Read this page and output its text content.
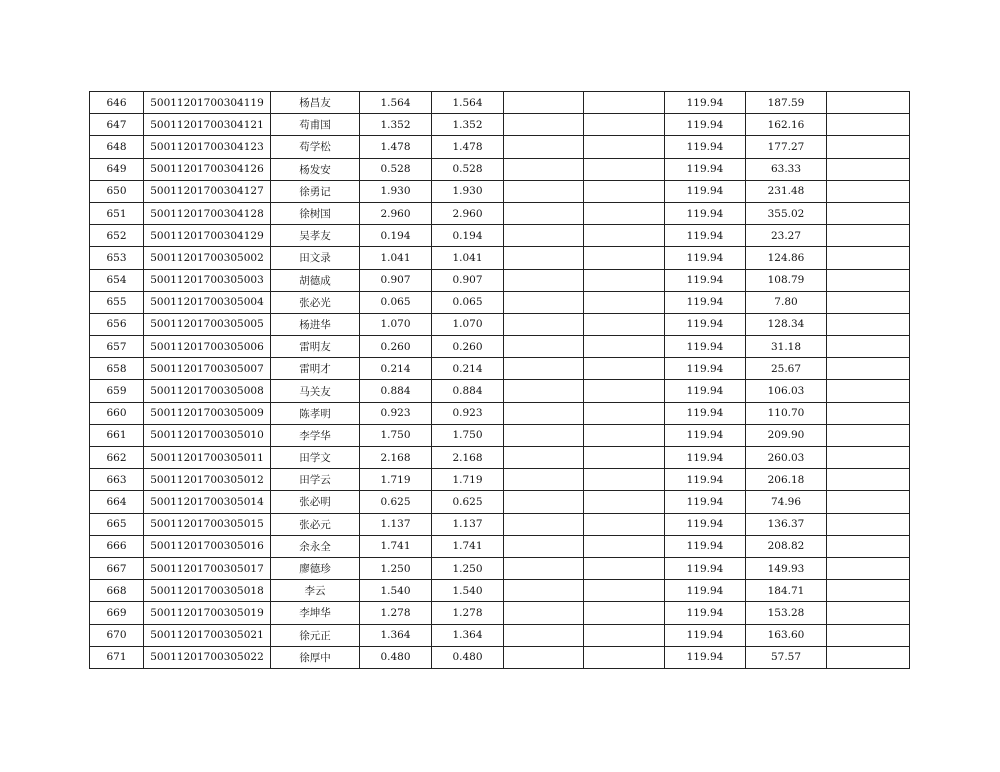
646	50011201700304119	杨昌友	1.564	1.564			119.94	187.59	
647	50011201700304121	苟甫国	1.352	1.352			119.94	162.16	
648	50011201700304123	苟学松	1.478	1.478			119.94	177.27	
649	50011201700304126	杨发安	0.528	0.528			119.94	63.33	
650	50011201700304127	徐勇记	1.930	1.930			119.94	231.48	
651	50011201700304128	徐树国	2.960	2.960			119.94	355.02	
652	50011201700304129	吴孝友	0.194	0.194			119.94	23.27	
653	50011201700305002	田文录	1.041	1.041			119.94	124.86	
654	50011201700305003	胡德成	0.907	0.907			119.94	108.79	
655	50011201700305004	张必光	0.065	0.065			119.94	7.80	
656	50011201700305005	杨进华	1.070	1.070			119.94	128.34	
657	50011201700305006	雷明友	0.260	0.260			119.94	31.18	
658	50011201700305007	雷明才	0.214	0.214			119.94	25.67	
659	50011201700305008	马关友	0.884	0.884			119.94	106.03	
660	50011201700305009	陈孝明	0.923	0.923			119.94	110.70	
661	50011201700305010	李学华	1.750	1.750			119.94	209.90	
662	50011201700305011	田学文	2.168	2.168			119.94	260.03	
663	50011201700305012	田学云	1.719	1.719			119.94	206.18	
664	50011201700305014	张必明	0.625	0.625			119.94	74.96	
665	50011201700305015	张必元	1.137	1.137			119.94	136.37	
666	50011201700305016	余永全	1.741	1.741			119.94	208.82	
667	50011201700305017	廖德珍	1.250	1.250			119.94	149.93	
668	50011201700305018	李云	1.540	1.540			119.94	184.71	
669	50011201700305019	李坤华	1.278	1.278			119.94	153.28	
670	50011201700305021	徐元正	1.364	1.364			119.94	163.60	
671	50011201700305022	徐厚中	0.480	0.480			119.94	57.57	
